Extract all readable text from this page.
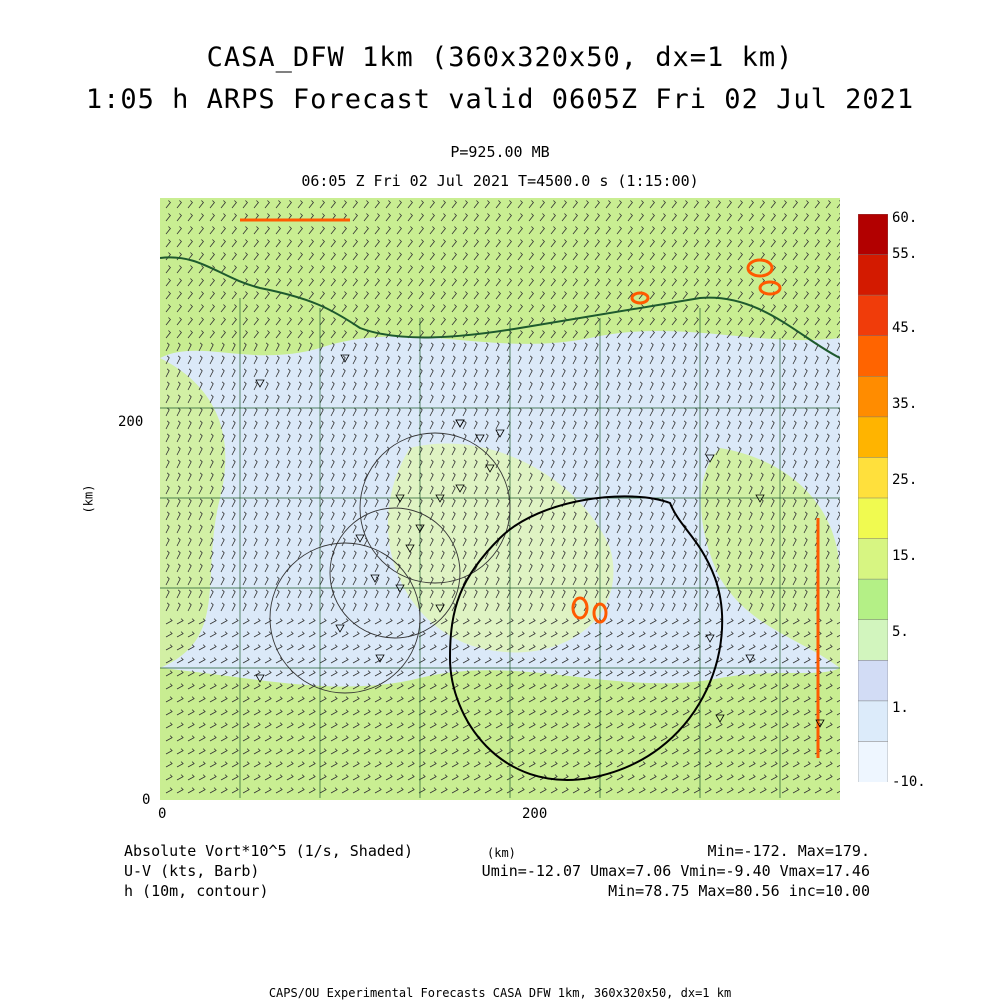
CASA_DFW 1km (360x320x50, dx=1 km)
1:05 h ARPS Forecast valid 0605Z Fri 02 Jul 2021
P=925.00 MB
06:05 Z Fri 02 Jul 2021 T=4500.0 s (1:15:00)
0	200
0
200
(km)
(km)
60.
55.
45.
35.
25.
15.
5.
1.
-10.
Absolute Vort*10^5 (1/s, Shaded)
U-V (kts, Barb)
h (10m, contour)
Min=-172. Max=179.
Umin=-12.07 Umax=7.06 Vmin=-9.40 Vmax=17.46
Min=78.75 Max=80.56 inc=10.00
CAPS/OU Experimental Forecasts CASA DFW 1km, 360x320x50, dx=1 km
